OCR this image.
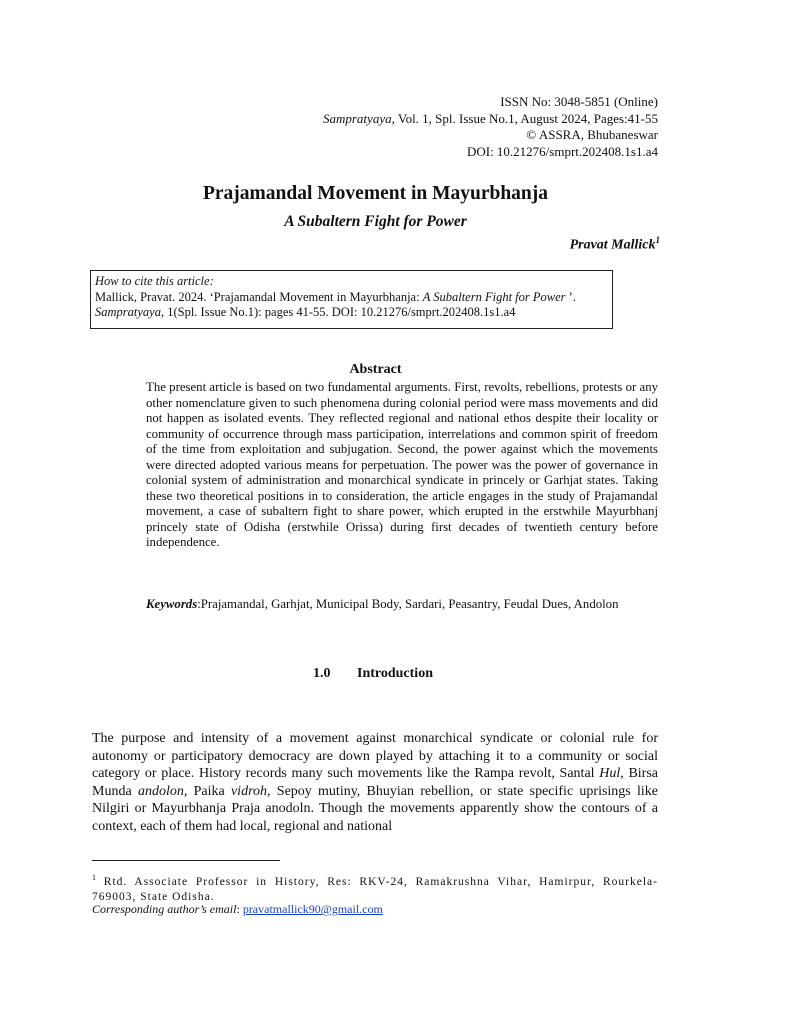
ISSN No: 3048-5851 (Online)
Sampratyaya, Vol. 1, Spl. Issue No.1, August 2024, Pages:41-55
© ASSRA, Bhubaneswar
DOI: 10.21276/smprt.202408.1s1.a4
Prajamandal Movement in Mayurbhanja
A Subaltern Fight for Power
Pravat Mallick$^1$
How to cite this article:
Mallick, Pravat. 2024. ‘Prajamandal Movement in Mayurbhanja: A Subaltern Fight for Power ’.
Sampratyaya, 1(Spl. Issue No.1): pages 41-55. DOI: 10.21276/smprt.202408.1s1.a4
Abstract
The present article is based on two fundamental arguments. First, revolts, rebellions, protests or any other nomenclature given to such phenomena during colonial period were mass movements and did not happen as isolated events. They reflected regional and national ethos despite their locality or community of occurrence through mass participation, interrelations and common spirit of freedom of the time from exploitation and subjugation. Second, the power against which the movements were directed adopted various means for perpetuation. The power was the power of governance in colonial system of administration and monarchical syndicate in princely or Garhjat states. Taking these two theoretical positions in to consideration, the article engages in the study of Prajamandal movement, a case of subaltern fight to share power, which erupted in the erstwhile Mayurbhanj princely state of Odisha (erstwhile Orissa) during first decades of twentieth century before independence.
Keywords: Prajamandal, Garhjat, Municipal Body, Sardari, Peasantry, Feudal Dues, Andolon
1.0 Introduction
The purpose and intensity of a movement against monarchical syndicate or colonial rule for autonomy or participatory democracy are down played by attaching it to a community or social category or place. History records many such movements like the Rampa revolt, Santal Hul, Birsa Munda andolon, Paika vidroh, Sepoy mutiny, Bhuyian rebellion, or state specific uprisings like Nilgiri or Mayurbhanja Praja anodoln. Though the movements apparently show the contours of a context, each of them had local, regional and national
$^1$ Rtd. Associate Professor in History, Res: RKV-24, Ramakrushna Vihar, Hamirpur, Rourkela- 769003, State Odisha.
Corresponding author’s email: pravatmallick90@gmail.com
